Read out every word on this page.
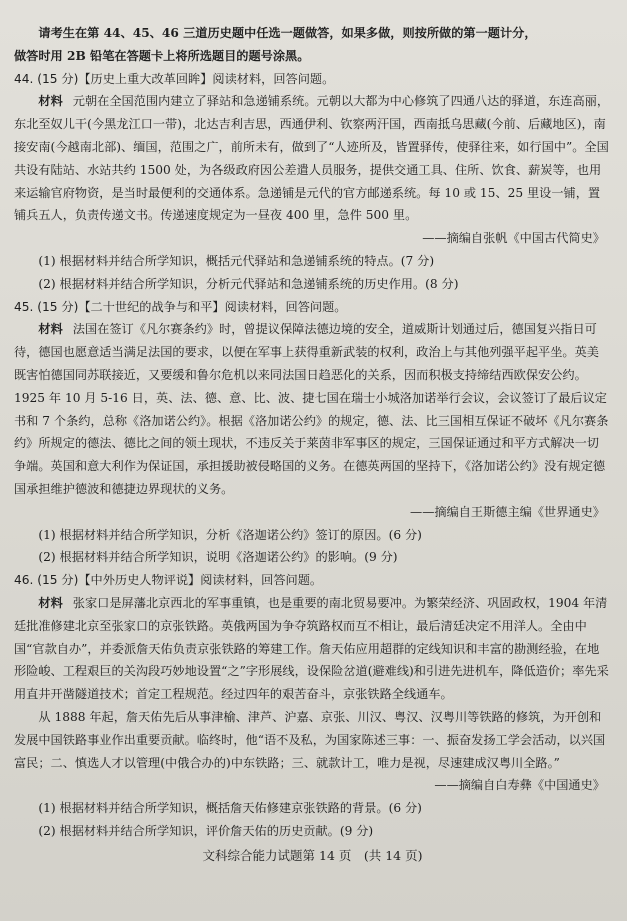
请考生在第 44、45、46 三道历史题中任选一题做答，如果多做，则按所做的第一题计分，

做答时用 2B 铅笔在答题卡上将所选题目的题号涂黑。

44. (15 分)【历史上重大改革回眸】阅读材料，回答问题。

材料 元朝在全国范围内建立了驿站和急递铺系统。元朝以大都为中心修筑了四通八达的驿道，东连高丽，东北至奴儿干(今黑龙江口一带)，北达吉利吉思，西通伊利、钦察两汗国，西南抵乌思藏(今前、后藏地区)，南接安南(今越南北部)、缅国，范围之广，前所未有，做到了“人迹所及，皆置驿传，使驿往来，如行国中”。全国共设有陆站、水站共约 1500 处，为各级政府因公差遣人员服务，提供交通工具、住所、饮食、薪炭等，也用来运输官府物资，是当时最便利的交通体系。急递铺是元代的官方邮递系统。每 10 或 15、25 里设一铺，置铺兵五人，负责传递文书。传递速度规定为一昼夜 400 里，急件 500 里。

——摘编自张帆《中国古代简史》

(1) 根据材料并结合所学知识，概括元代驿站和急递铺系统的特点。(7 分)

(2) 根据材料并结合所学知识，分析元代驿站和急递铺系统的历史作用。(8 分)

45. (15 分)【二十世纪的战争与和平】阅读材料，回答问题。

材料 法国在签订《凡尔赛条约》时，曾提议保障法德边境的安全，道威斯计划通过后，德国复兴指日可待，德国也愿意适当满足法国的要求，以便在军事上获得重新武装的权利，政治上与其他列强平起平坐。英美既害怕德国同苏联接近，又要缓和鲁尔危机以来同法国日趋恶化的关系，因而积极支持缔结西欧保安公约。1925 年 10 月 5-16 日，英、法、德、意、比、波、捷七国在瑞士小城洛加诺举行会议，会议签订了最后议定书和 7 个条约，总称《洛加诺公约》。根据《洛加诺公约》的规定，德、法、比三国相互保证不破坏《凡尔赛条约》所规定的德法、德比之间的领土现状，不违反关于莱茵非军事区的规定，三国保证通过和平方式解决一切争端。英国和意大利作为保证国，承担援助被侵略国的义务。在德英两国的坚持下，《洛加诺公约》没有规定德国承担维护德波和德捷边界现状的义务。

——摘编自王斯德主编《世界通史》

(1) 根据材料并结合所学知识，分析《洛迦诺公约》签订的原因。(6 分)

(2) 根据材料并结合所学知识，说明《洛迦诺公约》的影响。(9 分)

46. (15 分)【中外历史人物评说】阅读材料，回答问题。

材料 张家口是屏藩北京西北的军事重镇，也是重要的南北贸易要冲。为繁荣经济、巩固政权，1904 年清廷批准修建北京至张家口的京张铁路。英俄两国为争夺筑路权而互不相让，最后清廷决定不用洋人。全由中国“官款自办”，并委派詹天佑负责京张铁路的筹建工作。詹天佑应用超群的定线知识和丰富的勘测经验，在地形险峻、工程艰巨的关沟段巧妙地设置“之”字形展线，设保险岔道(避难线)和引进先进机车，降低造价；率先采用直井开凿隧道技术；首定工程规范。经过四年的艰苦奋斗，京张铁路全线通车。

从 1888 年起，詹天佑先后从事津榆、津芦、沪嘉、京张、川汉、粤汉、汉粤川等铁路的修筑，为开创和发展中国铁路事业作出重要贡献。临终时，他“语不及私，为国家陈述三事：一、振奋发扬工学会活动，以兴国富民；二、慎选人才以管理(中俄合办的)中东铁路；三、就款计工，唯力是视，尽速建成汉粤川全路。”

——摘编自白寿彝《中国通史》

(1) 根据材料并结合所学知识，概括詹天佑修建京张铁路的背景。(6 分)

(2) 根据材料并结合所学知识，评价詹天佑的历史贡献。(9 分)

文科综合能力试题第 14 页　(共 14 页)
